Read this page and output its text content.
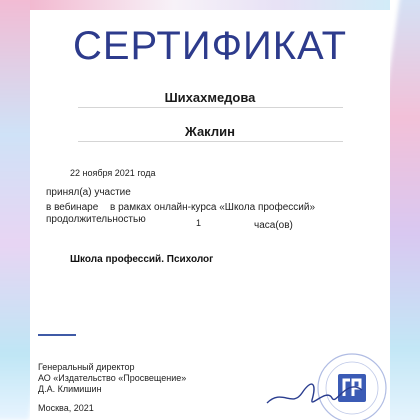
СЕРТИФИКАТ
Шихахмедова
Жаклин
22 ноября 2021 года
принял(а) участие
в вебинаре в рамках онлайн-курса «Школа профессий»
продолжительностью	1	часа(ов)
Школа профессий. Психолог
Генеральный директор
АО «Издательство «Просвещение»
Д.А. Климишин
Москва, 2021
